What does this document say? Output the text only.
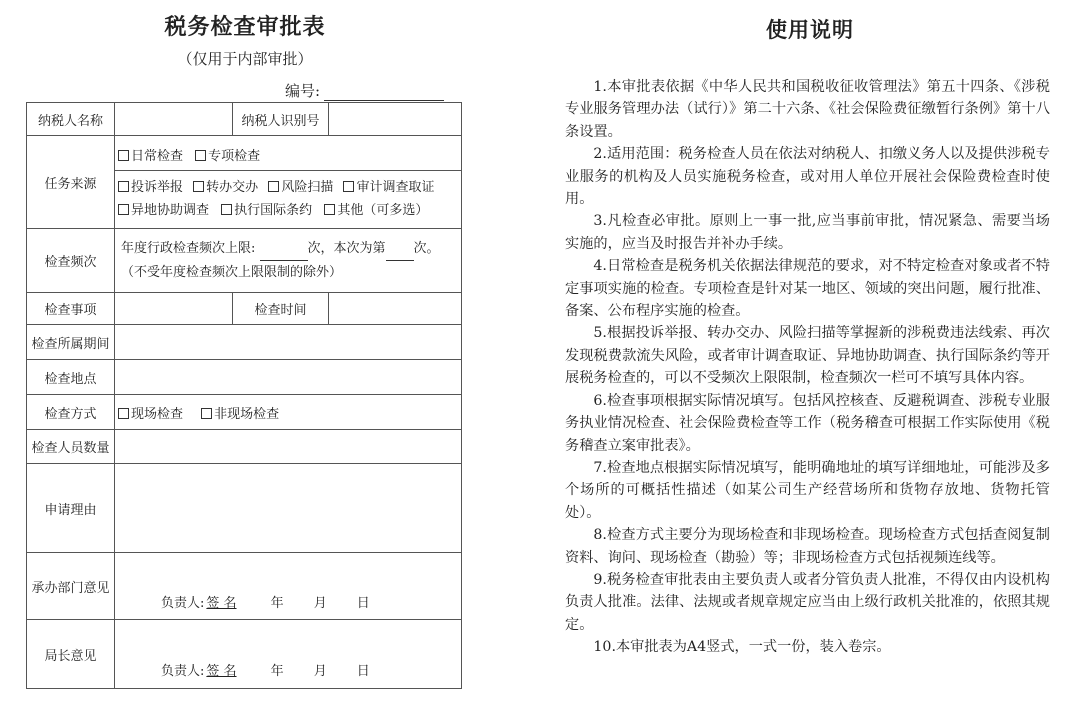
税务检查审批表
（仅用于内部审批）
编号:
纳税人名称		纳税人识别号	
任务来源	日常检查 专项检查
投诉举报 转办交办 风险扫描 审计调查取证
异地协助调查 执行国际条约 其他（可多选）		

检查频次	年度行政检查频次上限: 次，本次为第 次。
（不受年度检查频次上限限制的除外）		

检查事项		检查时间	
检查所属期间			
检查地点			
检查方式	现场检查 非现场检查		
检查人员数量			
申请理由			
承办部门意见	负责人: 签 名 年 月 日		

局长意见	负责人: 签 名 年 月 日		
使用说明

1.本审批表依据《中华人民共和国税收征收管理法》第五十四条、《涉税专业服务管理办法（试行）》第二十六条、《社会保险费征缴暂行条例》第十八条设置。

2.适用范围：税务检查人员在依法对纳税人、扣缴义务人以及提供涉税专业服务的机构及人员实施税务检查，或对用人单位开展社会保险费检查时使用。

3.凡检查必审批。原则上一事一批,应当事前审批，情况紧急、需要当场实施的，应当及时报告并补办手续。

4.日常检查是税务机关依据法律规范的要求，对不特定检查对象或者不特定事项实施的检查。专项检查是针对某一地区、领域的突出问题，履行批准、备案、公布程序实施的检查。

5.根据投诉举报、转办交办、风险扫描等掌握新的涉税费违法线索、再次发现税费款流失风险，或者审计调查取证、异地协助调查、执行国际条约等开展税务检查的，可以不受频次上限限制，检查频次一栏可不填写具体内容。

6.检查事项根据实际情况填写。包括风控核查、反避税调查、涉税专业服务执业情况检查、社会保险费检查等工作（税务稽查可根据工作实际使用《税务稽查立案审批表》。

7.检查地点根据实际情况填写，能明确地址的填写详细地址，可能涉及多个场所的可概括性描述（如某公司生产经营场所和货物存放地、货物托管处）。

8.检查方式主要分为现场检查和非现场检查。现场检查方式包括查阅复制资料、询问、现场检查（勘验）等；非现场检查方式包括视频连线等。

9.税务检查审批表由主要负责人或者分管负责人批准，不得仅由内设机构负责人批准。法律、法规或者规章规定应当由上级行政机关批准的，依照其规定。

10.本审批表为A4竖式，一式一份，装入卷宗。
